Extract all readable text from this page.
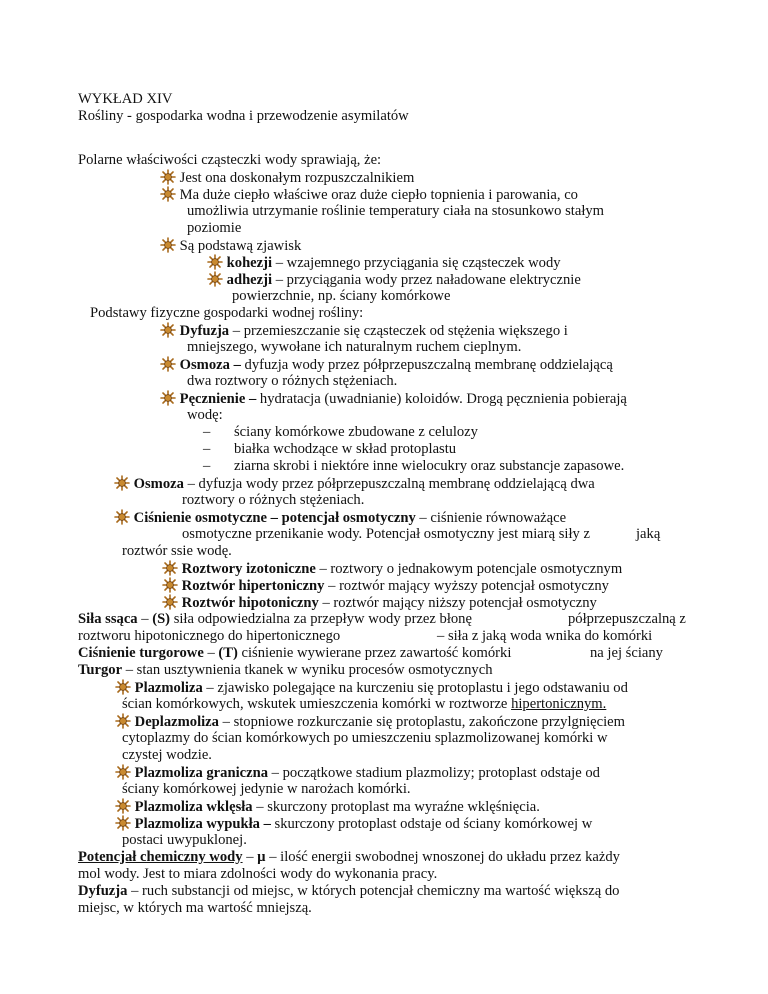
WYKŁAD XIV
Rośliny - gospodarka wodna i przewodzenie asymilatów
Polarne właściwości cząsteczki wody sprawiają, że:
Jest ona doskonałym rozpuszczalnikiem
Ma duże ciepło właściwe oraz duże ciepło topnienia i parowania, co
umożliwia utrzymanie roślinie temperatury ciała na stosunkowo stałym
poziomie
Są podstawą zjawisk
kohezji – wzajemnego przyciągania się cząsteczek wody
adhezji – przyciągania wody przez naładowane elektrycznie
powierzchnie, np. ściany komórkowe
Podstawy fizyczne gospodarki wodnej rośliny:
Dyfuzja – przemieszczanie się cząsteczek od stężenia większego i
mniejszego, wywołane ich naturalnym ruchem cieplnym.
Osmoza – dyfuzja wody przez półprzepuszczalną membranę oddzielającą
dwa roztwory o różnych stężeniach.
Pęcznienie – hydratacja (uwadnianie) koloidów. Drogą pęcznienia pobierają
wodę:
– ściany komórkowe zbudowane z celulozy
– białka wchodzące w skład protoplastu
– ziarna skrobi i niektóre inne wielocukry oraz substancje zapasowe.
Osmoza – dyfuzja wody przez półprzepuszczalną membranę oddzielającą dwa
roztwory o różnych stężeniach.
Ciśnienie osmotyczne – potencjał osmotyczny – ciśnienie równoważące
osmotyczne przenikanie wody. Potencjał osmotyczny jest miarą siły z	jaką
roztwór ssie wodę.
Roztwory izotoniczne – roztwory o jednakowym potencjale osmotycznym
Roztwór hipertoniczny – roztwór mający wyższy potencjał osmotyczny
Roztwór hipotoniczny – roztwór mający niższy potencjał osmotyczny
Siła ssąca – (S) siła odpowiedzialna za przepływ wody przez błonę	półprzepuszczalną z
roztworu hipotonicznego do hipertonicznego	– siła z jaką woda wnika do komórki
Ciśnienie turgorowe – (T) ciśnienie wywierane przez zawartość komórki	na jej ściany
Turgor – stan usztywnienia tkanek w wyniku procesów osmotycznych
Plazmoliza – zjawisko polegające na kurczeniu się protoplastu i jego odstawaniu od
ścian komórkowych, wskutek umieszczenia komórki w roztworze hipertonicznym.
Deplazmoliza – stopniowe rozkurczanie się protoplastu, zakończone przylgnięciem
cytoplazmy do ścian komórkowych po umieszczeniu splazmolizowanej komórki w
czystej wodzie.
Plazmoliza graniczna – początkowe stadium plazmolizy; protoplast odstaje od
ściany komórkowej jedynie w narożach komórki.
Plazmoliza wklęsła – skurczony protoplast ma wyraźne wklęśnięcia.
Plazmoliza wypukła – skurczony protoplast odstaje od ściany komórkowej w
postaci uwypuklonej.
Potencjał chemiczny wody – µ – ilość energii swobodnej wnoszonej do układu przez każdy
mol wody. Jest to miara zdolności wody do wykonania pracy.
Dyfuzja – ruch substancji od miejsc, w których potencjał chemiczny ma wartość większą do
miejsc, w których ma wartość mniejszą.
